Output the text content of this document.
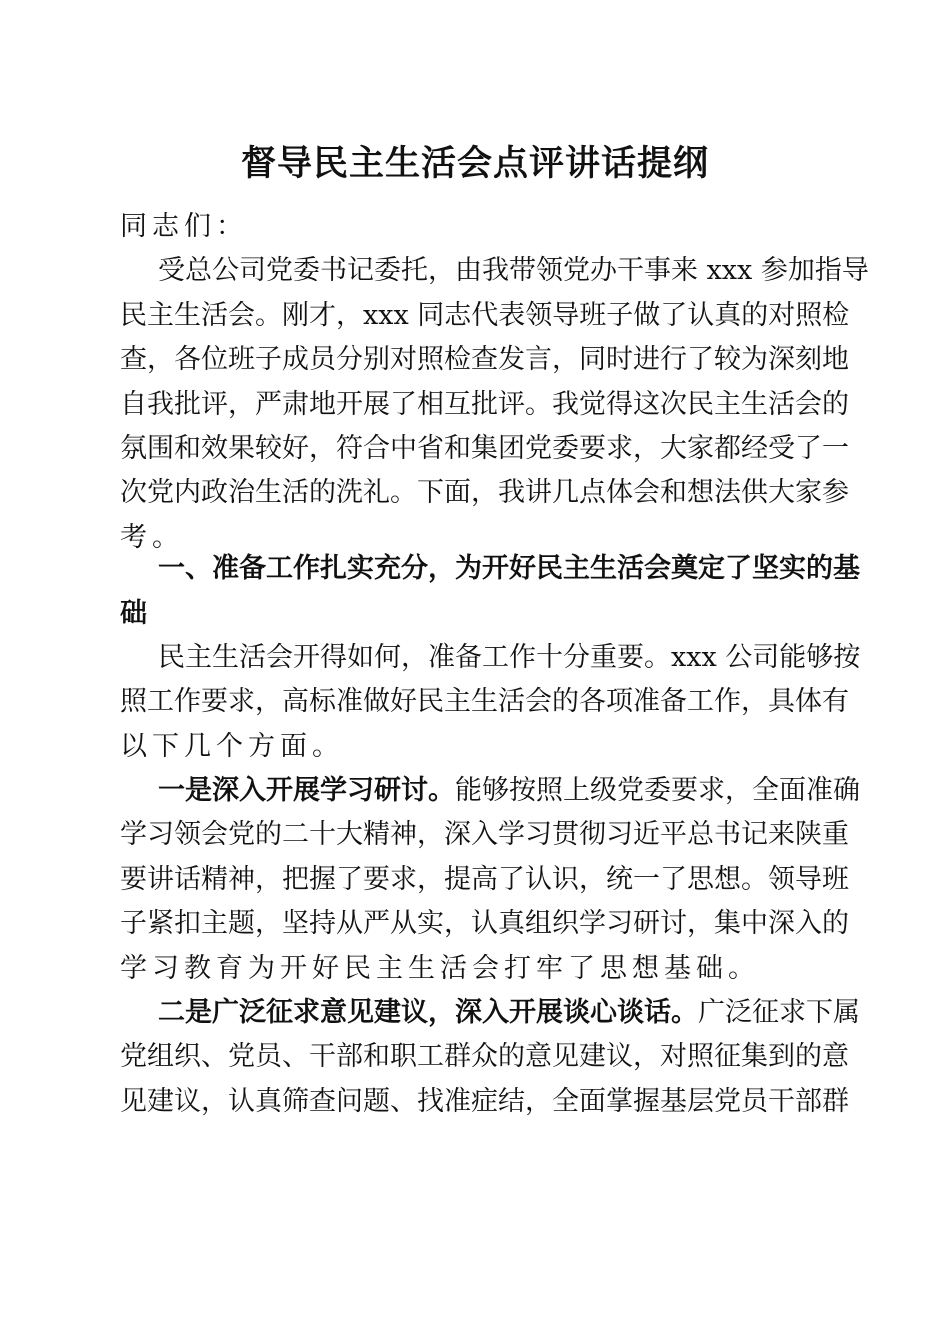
督导民主生活会点评讲话提纲
同志们：
受总公司党委书记委托，由我带领党办干事来 xxx 参加指导
民主生活会。刚才，xxx 同志代表领导班子做了认真的对照检
查，各位班子成员分别对照检查发言，同时进行了较为深刻地
自我批评，严肃地开展了相互批评。我觉得这次民主生活会的
氛围和效果较好，符合中省和集团党委要求，大家都经受了一
次党内政治生活的洗礼。下面，我讲几点体会和想法供大家参
考。
一、准备工作扎实充分，为开好民主生活会奠定了坚实的基
础
民主生活会开得如何，准备工作十分重要。xxx 公司能够按
照工作要求，高标准做好民主生活会的各项准备工作，具体有
以下几个方面。
一是深入开展学习研讨。能够按照上级党委要求，全面准确
学习领会党的二十大精神，深入学习贯彻习近平总书记来陕重
要讲话精神，把握了要求，提高了认识，统一了思想。领导班
子紧扣主题，坚持从严从实，认真组织学习研讨，集中深入的
学习教育为开好民主生活会打牢了思想基础。
二是广泛征求意见建议，深入开展谈心谈话。广泛征求下属
党组织、党员、干部和职工群众的意见建议，对照征集到的意
见建议，认真筛查问题、找准症结，全面掌握基层党员干部群
